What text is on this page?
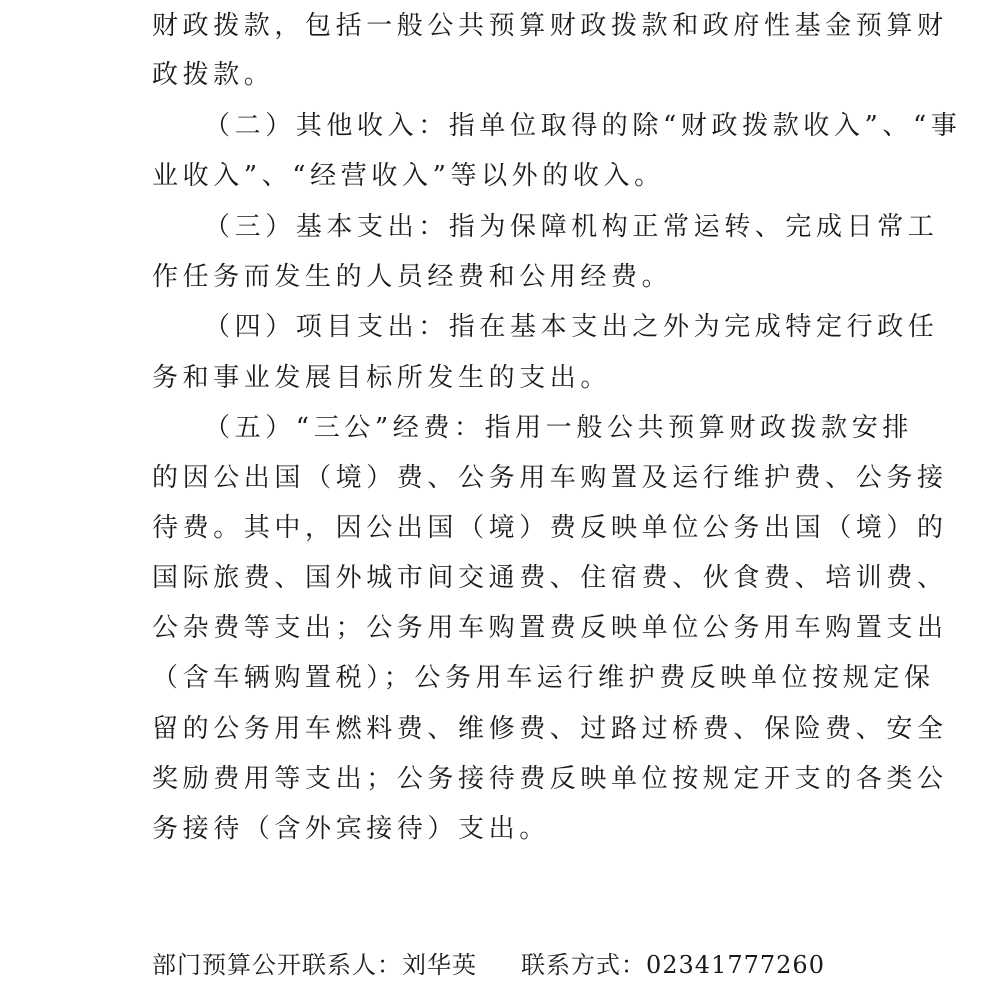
财政拨款，包括一般公共预算财政拨款和政府性基金预算财
政拨款。
（二）其他收入：指单位取得的除“财政拨款收入”、“事
业收入”、“经营收入”等以外的收入。
（三）基本支出：指为保障机构正常运转、完成日常工
作任务而发生的人员经费和公用经费。
（四）项目支出：指在基本支出之外为完成特定行政任
务和事业发展目标所发生的支出。
（五）“三公”经费：指用一般公共预算财政拨款安排
的因公出国（境）费、公务用车购置及运行维护费、公务接
待费。其中，因公出国（境）费反映单位公务出国（境）的
国际旅费、国外城市间交通费、住宿费、伙食费、培训费、
公杂费等支出；公务用车购置费反映单位公务用车购置支出
（含车辆购置税）；公务用车运行维护费反映单位按规定保
留的公务用车燃料费、维修费、过路过桥费、保险费、安全
奖励费用等支出；公务接待费反映单位按规定开支的各类公
务接待（含外宾接待）支出。
部门预算公开联系人：刘华英 联系方式：02341777260
